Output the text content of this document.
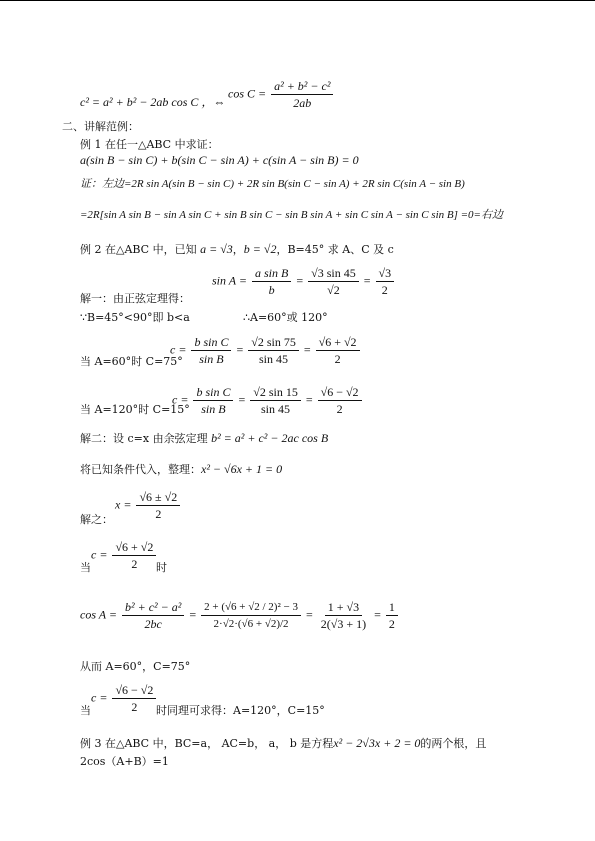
c² = a² + b² − 2ab cos C ，⇔
$\cos C = \frac{\text{a² + b² − c²}}{2ab}$
二、讲解范例：
例 1 在任一△ABC 中求证：
a(sin B − sin C) + b(sin C − sin A) + c(sin A − sin B) = 0
证：左边=2R sin A(sin B − sin C) + 2R sin B(sin C − sin A) + 2R sin C(sin A − sin B)
=2R[sin A sin B − sin A sin C + sin B sin C − sin B sin A + sin C sin A − sin C sin B] =0=右边
例 2 在△ABC 中，已知 a = √3，b = √2，B=45° 求 A、C 及 c
$\sin A = \frac{\text{a sin B}}{b} = \frac{√3 \sin 45}{√2} = \frac{√3}{2}$
解一：由正弦定理得：
∵B=45°<90°即 b<a	∴A=60°或 120°
$c = \frac{\text{b sin C}}{\text{sin B}} = \frac{√2 \sin 75}{\sin 45} = \frac{√6 + √2}{2}$
当 A=60°时 C=75°
$c = \frac{\text{b sin C}}{\text{sin B}} = \frac{√2 \sin 15}{\sin 45} = \frac{√6 - √2}{2}$
当 A=120°时 C=15°
解二：设 c=x 由余弦定理 b² = a² + c² − 2ac cos B
将已知条件代入，整理：x² − √6x + 1 = 0
$x = \frac{√6 \pm √2}{2}$
解之：
$c = \frac{√6 + √2}{2}$
当	时
$\cos A = \frac{\text{b² + c² − a²}}{2bc} = \frac{\text{2 + (√6 + √2 / 2)² − 3}}{2\cdot√2\cdot(√6 + √2)/2} = \frac{1 + √3}{2(√3 + 1)} = \frac{1}{2}$
从而 A=60°，C=75°
$c = \frac{√6 - √2}{2}$
当	时同理可求得：A=120°，C=15°
例 3 在△ABC 中，BC=a， AC=b， a， b 是方程x² − 2√3x + 2 = 0的两个根，且
2cos（A+B）=1
